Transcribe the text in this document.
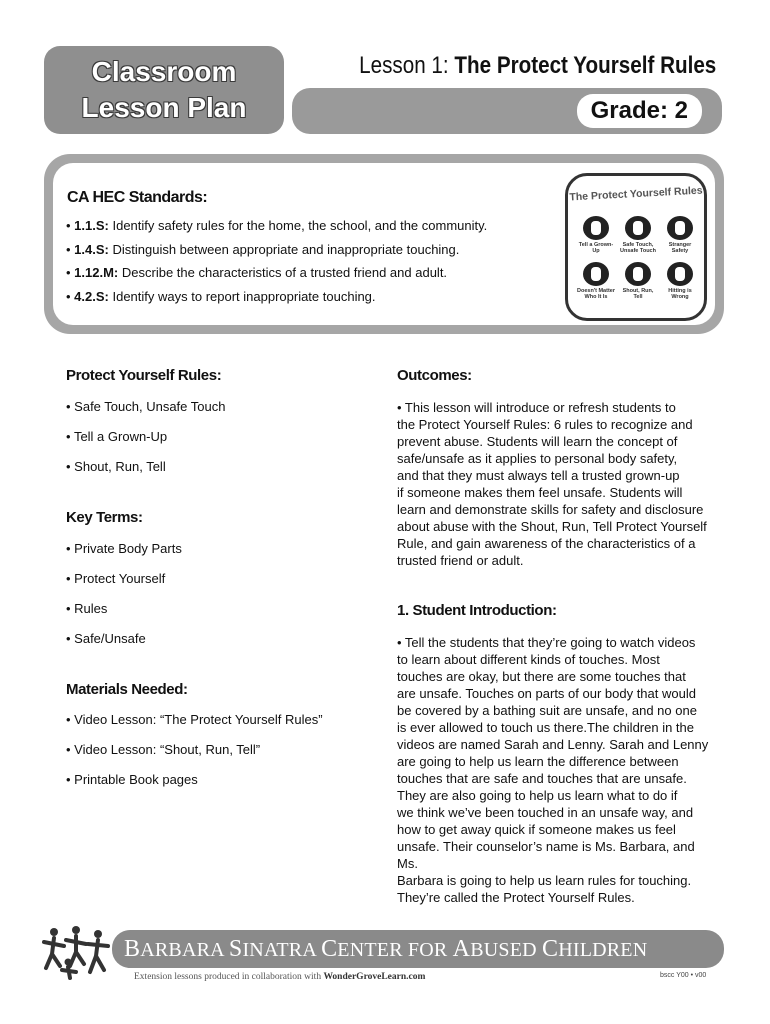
Classroom
Lesson Plan
Lesson 1: The Protect Yourself Rules
Grade: 2
CA HEC Standards:
• 1.1.S: Identify safety rules for the home, the school, and the community.
• 1.4.S: Distinguish between appropriate and inappropriate touching.
• 1.12.M: Describe the characteristics of a trusted friend and adult.
• 4.2.S: Identify ways to report inappropriate touching.
The Protect Yourself Rules
Tell a Grown-Up
Safe Touch, Unsafe Touch
Stranger Safety
Doesn't Matter Who It Is
Shout, Run, Tell
Hitting is Wrong
Protect Yourself Rules:
• Safe Touch, Unsafe Touch
• Tell a Grown-Up
• Shout, Run, Tell
Key Terms:
• Private Body Parts
• Protect Yourself
• Rules
• Safe/Unsafe
Materials Needed:
• Video Lesson: “The Protect Yourself Rules”
• Video Lesson: “Shout, Run, Tell”
• Printable Book pages
Outcomes:
• This lesson will introduce or refresh students to
the Protect Yourself Rules: 6 rules to recognize and
prevent abuse. Students will learn the concept of
safe/unsafe as it applies to personal body safety,
and that they must always tell a trusted grown-up
if someone makes them feel unsafe. Students will
learn and demonstrate skills for safety and disclosure
about abuse with the Shout, Run, Tell Protect Yourself
Rule, and gain awareness of the characteristics of a
trusted friend or adult.
1. Student Introduction:
• Tell the students that they’re going to watch videos
to learn about different kinds of touches. Most
touches are okay, but there are some touches that
are unsafe. Touches on parts of our body that would
be covered by a bathing suit are unsafe, and no one
is ever allowed to touch us there.The children in the
videos are named Sarah and Lenny. Sarah and Lenny
are going to help us learn the difference between
touches that are safe and touches that are unsafe.
They are also going to help us learn what to do if
we think we’ve been touched in an unsafe way, and
how to get away quick if someone makes us feel
unsafe. Their counselor’s name is Ms. Barbara, and Ms.
Barbara is going to help us learn rules for touching.
They’re called the Protect Yourself Rules.
BARBARA SINATRA CENTER FOR ABUSED CHILDREN
Extension lessons produced in collaboration with WonderGroveLearn.com	bscc Y00 • v00
